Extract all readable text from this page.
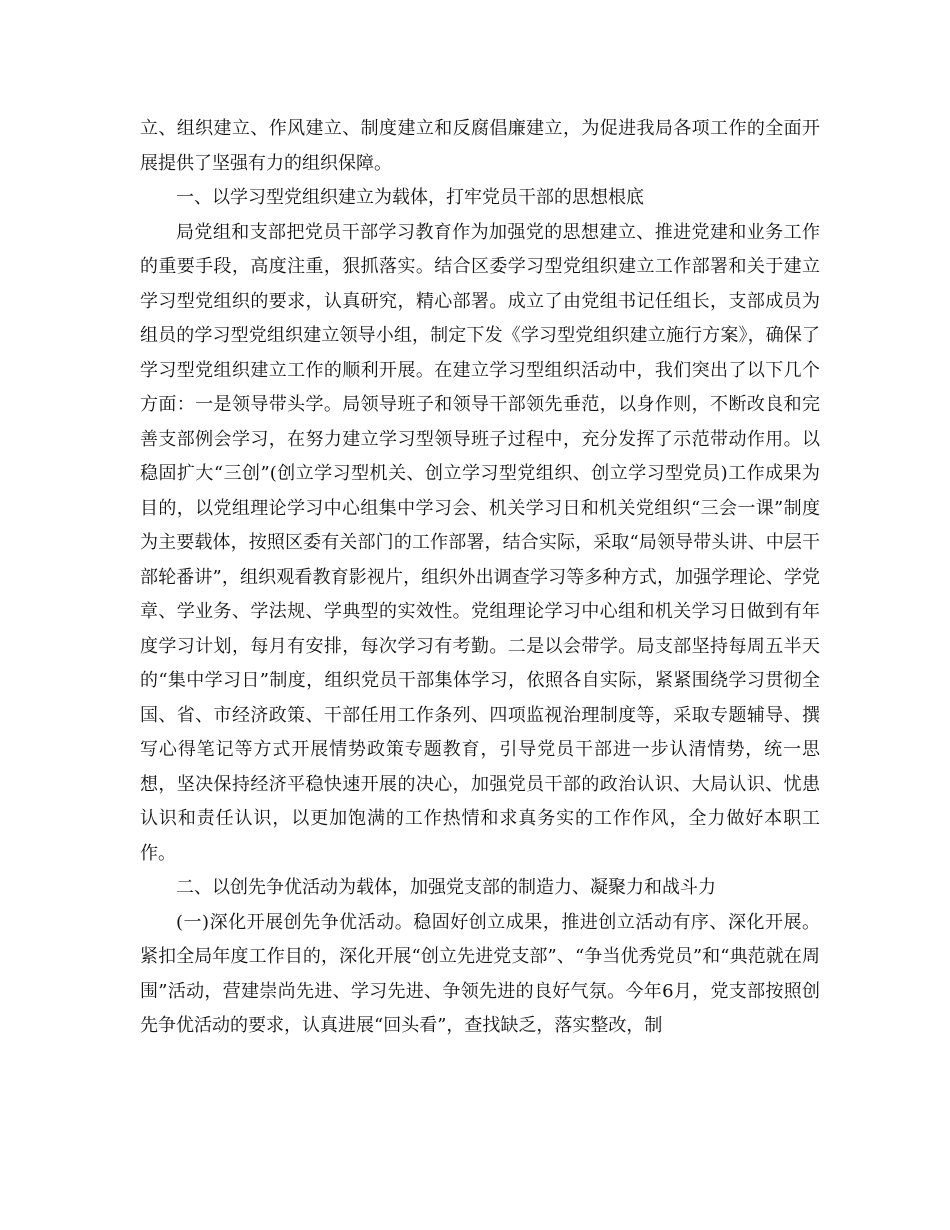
立、组织建立、作风建立、制度建立和反腐倡廉建立，为促进我局各项工作的全面开展提供了坚强有力的组织保障。

一、以学习型党组织建立为载体，打牢党员干部的思想根底

局党组和支部把党员干部学习教育作为加强党的思想建立、推进党建和业务工作的重要手段，高度注重，狠抓落实。结合区委学习型党组织建立工作部署和关于建立学习型党组织的要求，认真研究，精心部署。成立了由党组书记任组长，支部成员为组员的学习型党组织建立领导小组，制定下发《学习型党组织建立施行方案》，确保了学习型党组织建立工作的顺利开展。在建立学习型组织活动中，我们突出了以下几个方面：一是领导带头学。局领导班子和领导干部领先垂范，以身作则，不断改良和完善支部例会学习，在努力建立学习型领导班子过程中，充分发挥了示范带动作用。以稳固扩大“三创”(创立学习型机关、创立学习型党组织、创立学习型党员)工作成果为目的，以党组理论学习中心组集中学习会、机关学习日和机关党组织“三会一课”制度为主要载体，按照区委有关部门的工作部署，结合实际，采取“局领导带头讲、中层干部轮番讲”，组织观看教育影视片，组织外出调查学习等多种方式，加强学理论、学党章、学业务、学法规、学典型的实效性。党组理论学习中心组和机关学习日做到有年度学习计划，每月有安排，每次学习有考勤。二是以会带学。局支部坚持每周五半天的“集中学习日”制度，组织党员干部集体学习，依照各自实际，紧紧围绕学习贯彻全国、省、市经济政策、干部任用工作条列、四项监视治理制度等，采取专题辅导、撰写心得笔记等方式开展情势政策专题教育，引导党员干部进一步认清情势，统一思想，坚决保持经济平稳快速开展的决心，加强党员干部的政治认识、大局认识、忧患认识和责任认识，以更加饱满的工作热情和求真务实的工作作风，全力做好本职工作。

二、以创先争优活动为载体，加强党支部的制造力、凝聚力和战斗力

(一)深化开展创先争优活动。稳固好创立成果，推进创立活动有序、深化开展。紧扣全局年度工作目的，深化开展“创立先进党支部”、“争当优秀党员”和“典范就在周围”活动，营建崇尚先进、学习先进、争领先进的良好气氛。今年6月，党支部按照创先争优活动的要求，认真进展“回头看”，查找缺乏，落实整改，制
